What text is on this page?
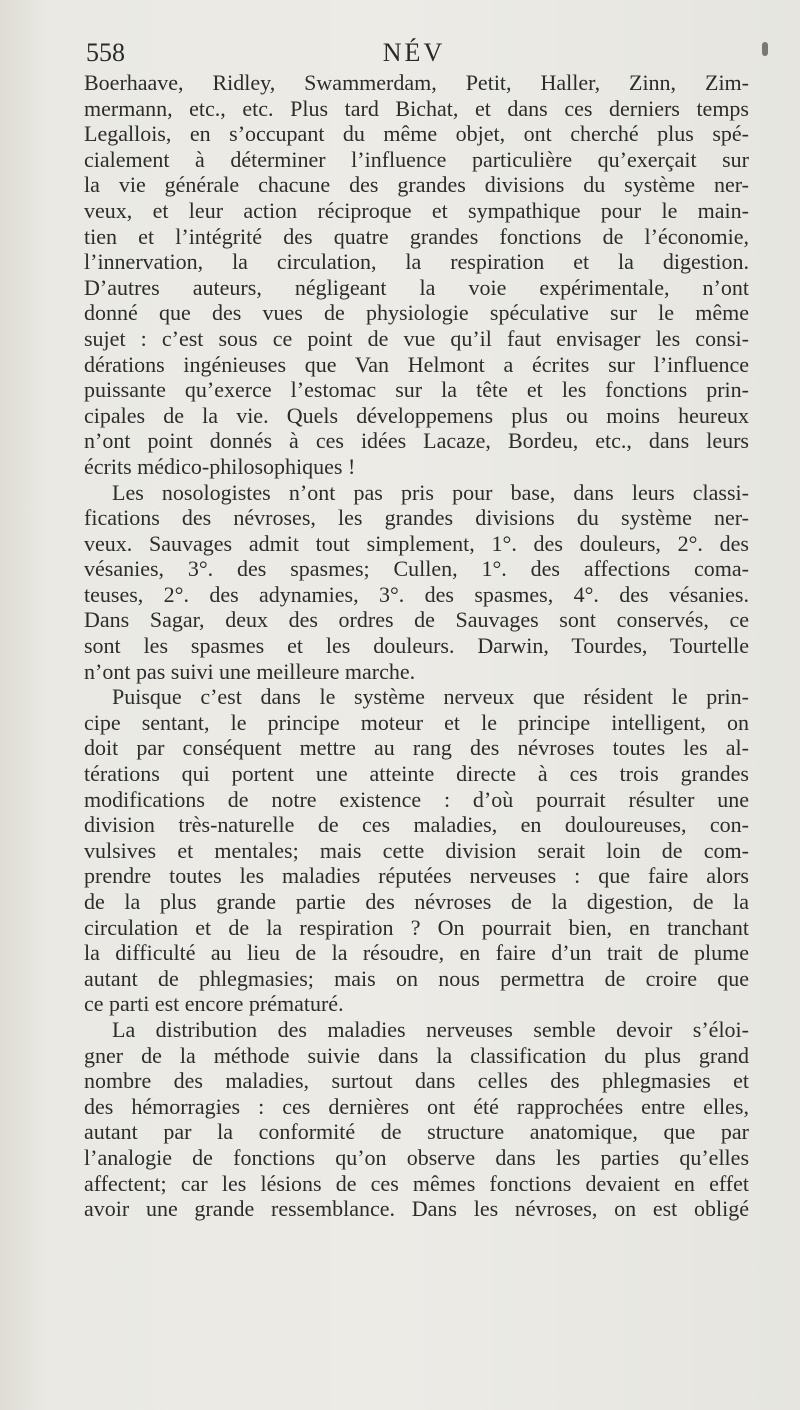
558	NÉV
Boerhaave, Ridley, Swammerdam, Petit, Haller, Zinn, Zim-
mermann, etc., etc. Plus tard Bichat, et dans ces derniers temps
Legallois, en s’occupant du même objet, ont cherché plus spé-
cialement à déterminer l’influence particulière qu’exerçait sur
la vie générale chacune des grandes divisions du système ner-
veux, et leur action réciproque et sympathique pour le main-
tien et l’intégrité des quatre grandes fonctions de l’économie,
l’innervation, la circulation, la respiration et la digestion.
D’autres auteurs, négligeant la voie expérimentale, n’ont
donné que des vues de physiologie spéculative sur le même
sujet : c’est sous ce point de vue qu’il faut envisager les consi-
dérations ingénieuses que Van Helmont a écrites sur l’influence
puissante qu’exerce l’estomac sur la tête et les fonctions prin-
cipales de la vie. Quels développemens plus ou moins heureux
n’ont point donnés à ces idées Lacaze, Bordeu, etc., dans leurs
écrits médico-philosophiques !
Les nosologistes n’ont pas pris pour base, dans leurs classi-
fications des névroses, les grandes divisions du système ner-
veux. Sauvages admit tout simplement, 1°. des douleurs, 2°. des
vésanies, 3°. des spasmes; Cullen, 1°. des affections coma-
teuses, 2°. des adynamies, 3°. des spasmes, 4°. des vésanies.
Dans Sagar, deux des ordres de Sauvages sont conservés, ce
sont les spasmes et les douleurs. Darwin, Tourdes, Tourtelle
n’ont pas suivi une meilleure marche.
Puisque c’est dans le système nerveux que résident le prin-
cipe sentant, le principe moteur et le principe intelligent, on
doit par conséquent mettre au rang des névroses toutes les al-
térations qui portent une atteinte directe à ces trois grandes
modifications de notre existence : d’où pourrait résulter une
division très-naturelle de ces maladies, en douloureuses, con-
vulsives et mentales; mais cette division serait loin de com-
prendre toutes les maladies réputées nerveuses : que faire alors
de la plus grande partie des névroses de la digestion, de la
circulation et de la respiration ? On pourrait bien, en tranchant
la difficulté au lieu de la résoudre, en faire d’un trait de plume
autant de phlegmasies; mais on nous permettra de croire que
ce parti est encore prématuré.
La distribution des maladies nerveuses semble devoir s’éloi-
gner de la méthode suivie dans la classification du plus grand
nombre des maladies, surtout dans celles des phlegmasies et
des hémorragies : ces dernières ont été rapprochées entre elles,
autant par la conformité de structure anatomique, que par
l’analogie de fonctions qu’on observe dans les parties qu’elles
affectent; car les lésions de ces mêmes fonctions devaient en effet
avoir une grande ressemblance. Dans les névroses, on est obligé
